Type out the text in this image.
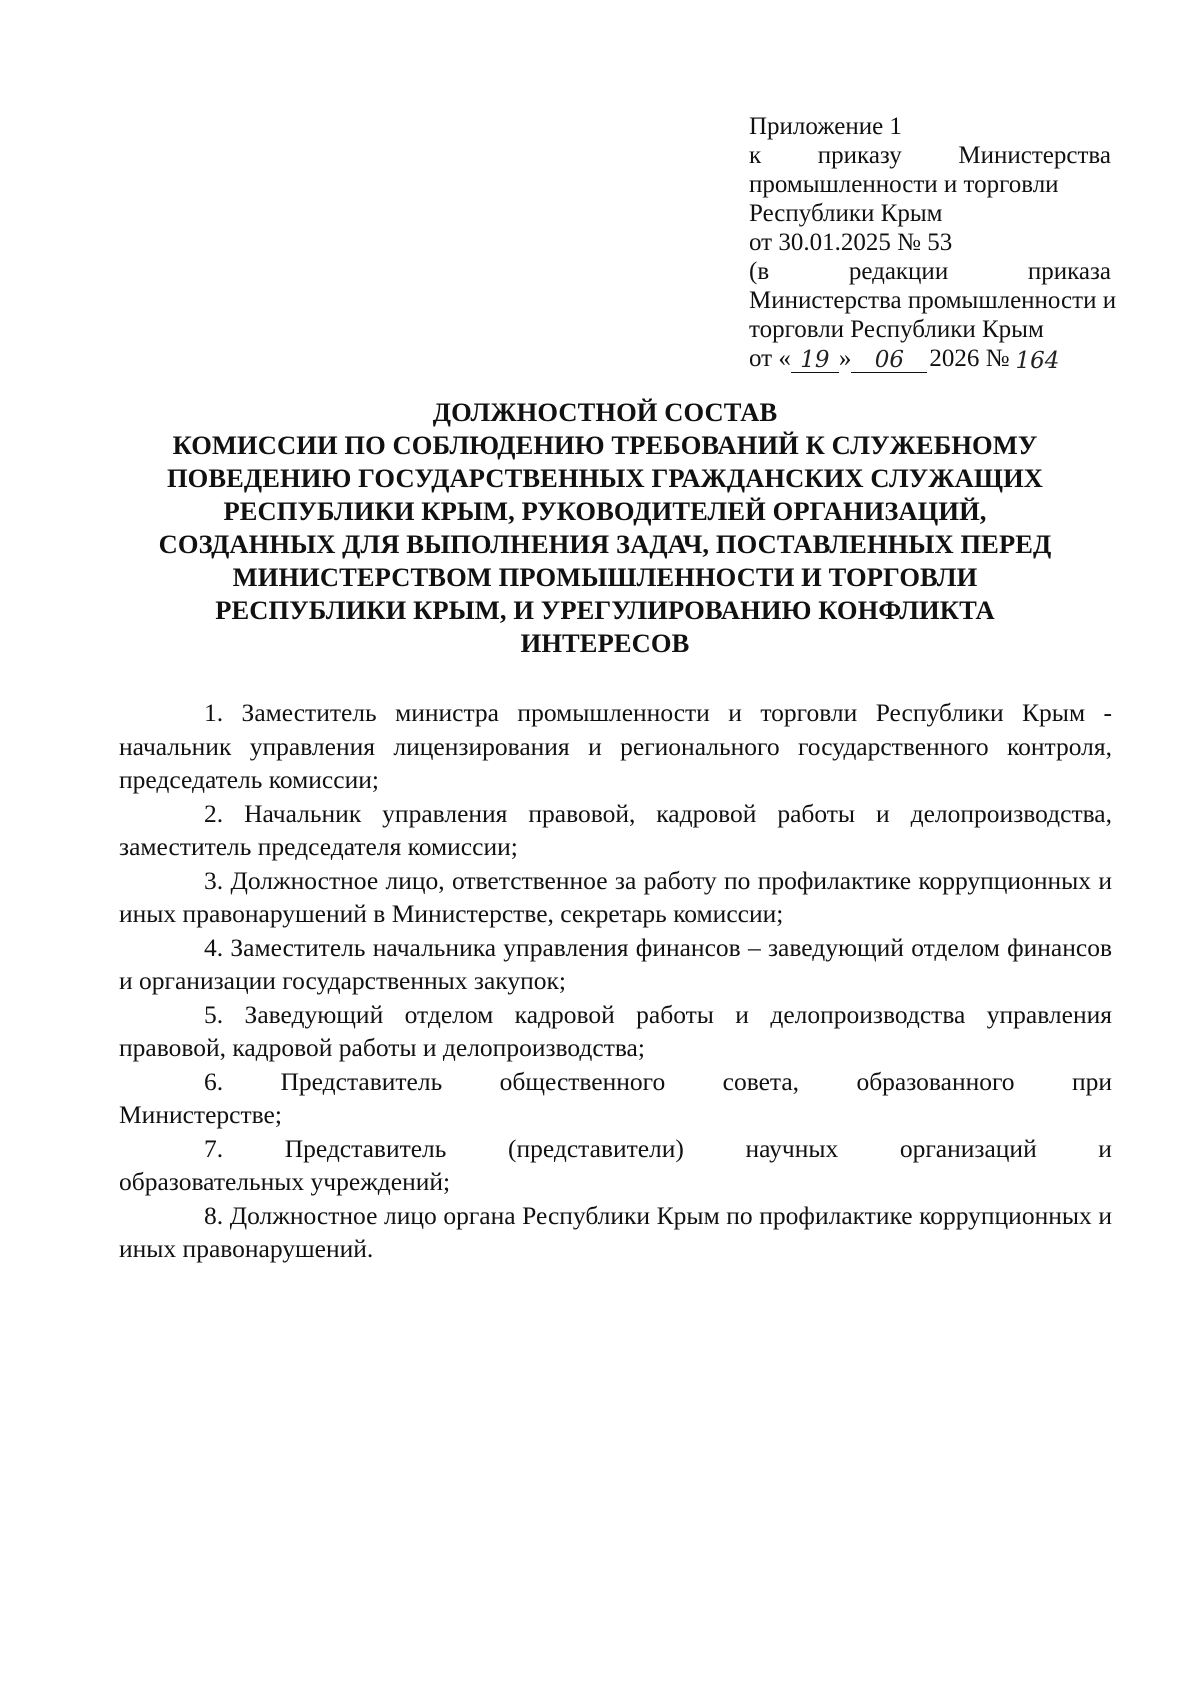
Приложение 1
к приказу Министерства
промышленности и торговли
Республики Крым
от 30.01.2025 № 53
(в	редакции	приказа
Министерства промышленности и
торговли Республики Крым
от « 19 »	06	2026 № 164
ДОЛЖНОСТНОЙ СОСТАВ
КОМИССИИ ПО СОБЛЮДЕНИЮ ТРЕБОВАНИЙ К СЛУЖЕБНОМУ
ПОВЕДЕНИЮ ГОСУДАРСТВЕННЫХ ГРАЖДАНСКИХ СЛУЖАЩИХ
РЕСПУБЛИКИ КРЫМ, РУКОВОДИТЕЛЕЙ ОРГАНИЗАЦИЙ,
СОЗДАННЫХ ДЛЯ ВЫПОЛНЕНИЯ ЗАДАЧ, ПОСТАВЛЕННЫХ ПЕРЕД
МИНИСТЕРСТВОМ ПРОМЫШЛЕННОСТИ И ТОРГОВЛИ
РЕСПУБЛИКИ КРЫМ, И УРЕГУЛИРОВАНИЮ КОНФЛИКТА
ИНТЕРЕСОВ

1. Заместитель министра промышленности и торговли Республики Крым - начальник управления лицензирования и регионального государственного контроля, председатель комиссии;

2. Начальник управления правовой, кадровой работы и делопроизводства, заместитель председателя комиссии;

3. Должностное лицо, ответственное за работу по профилактике коррупционных и иных правонарушений в Министерстве, секретарь комиссии;

4. Заместитель начальника управления финансов – заведующий отделом финансов и организации государственных закупок;

5. Заведующий отделом кадровой работы и делопроизводства управления правовой, кадровой работы и делопроизводства;

6. Представитель общественного совета, образованного при
Министерстве;
7. Представитель (представители) научных организаций и
образовательных учреждений;

8. Должностное лицо органа Республики Крым по профилактике коррупционных и иных правонарушений.
